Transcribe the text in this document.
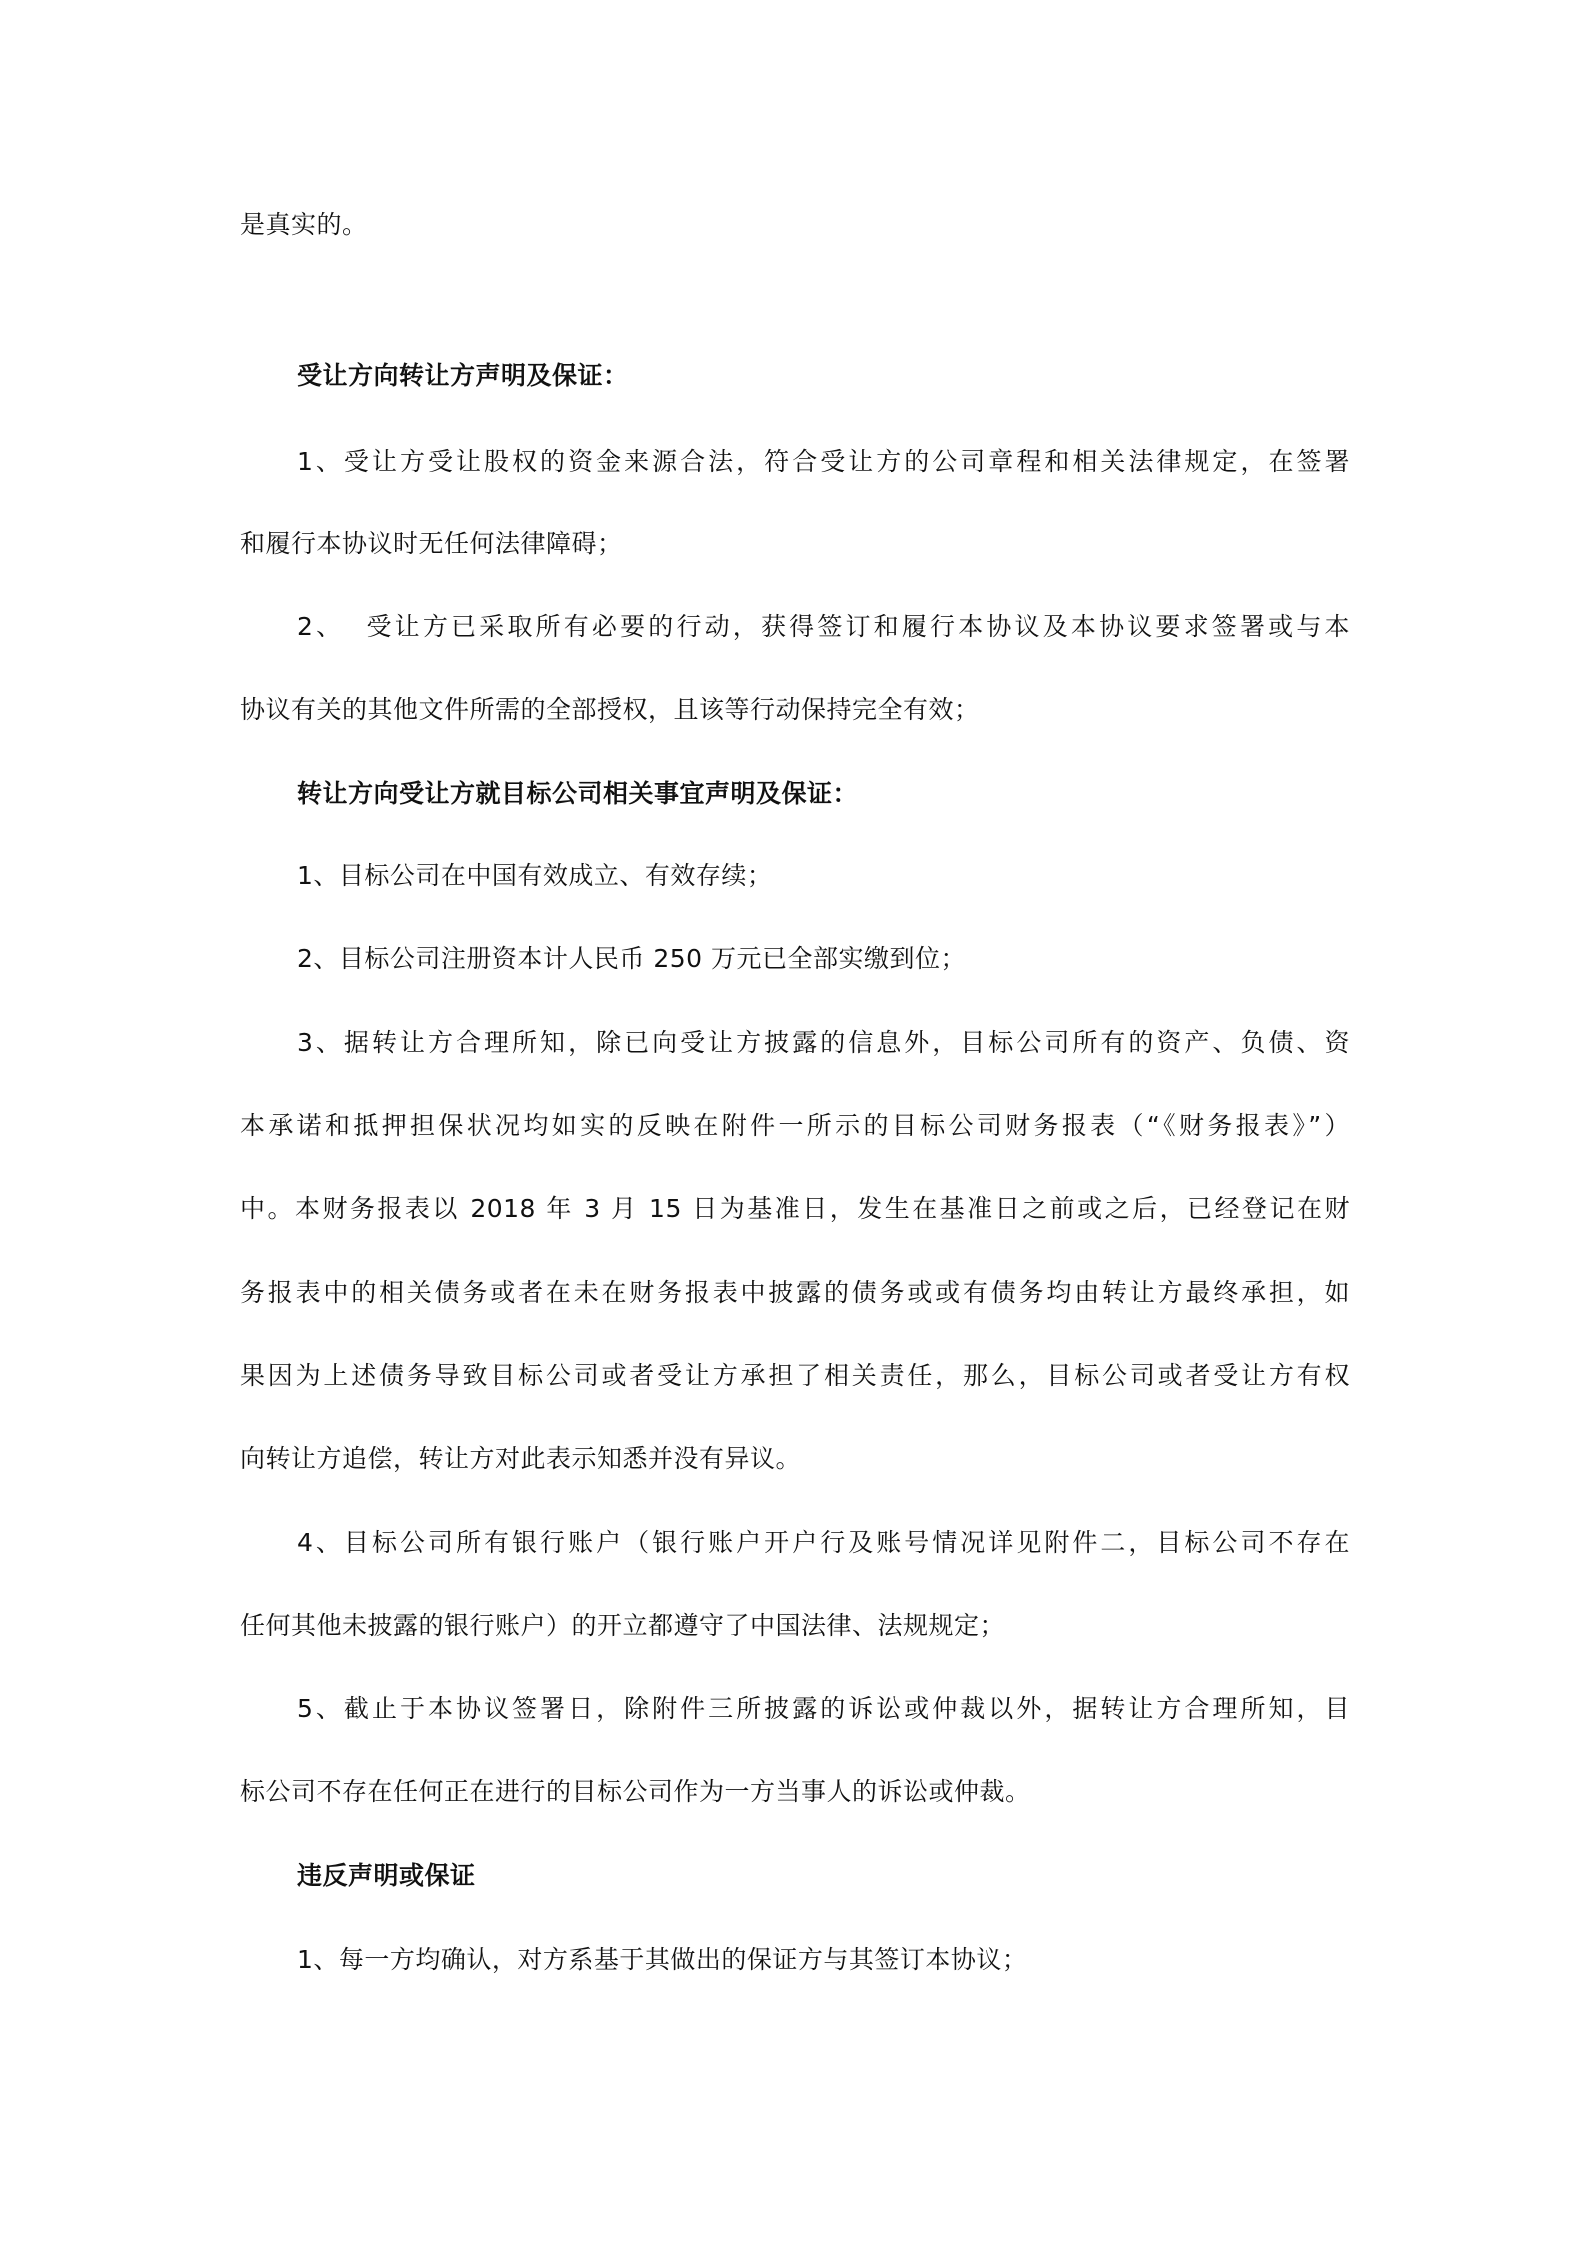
是真实的。
受让方向转让方声明及保证：
1、受让方受让股权的资金来源合法，符合受让方的公司章程和相关法律规定，在签署
和履行本协议时无任何法律障碍；
2、  受让方已采取所有必要的行动，获得签订和履行本协议及本协议要求签署或与本
协议有关的其他文件所需的全部授权，且该等行动保持完全有效；
转让方向受让方就目标公司相关事宜声明及保证：
1、目标公司在中国有效成立、有效存续；
2、目标公司注册资本计人民币 250 万元已全部实缴到位；
3、据转让方合理所知，除已向受让方披露的信息外，目标公司所有的资产、负债、资
本承诺和抵押担保状况均如实的反映在附件一所示的目标公司财务报表（“《财务报表》”）
中。本财务报表以 2018 年 3 月 15 日为基准日，发生在基准日之前或之后，已经登记在财
务报表中的相关债务或者在未在财务报表中披露的债务或或有债务均由转让方最终承担，如
果因为上述债务导致目标公司或者受让方承担了相关责任，那么，目标公司或者受让方有权
向转让方追偿，转让方对此表示知悉并没有异议。
4、目标公司所有银行账户（银行账户开户行及账号情况详见附件二，目标公司不存在
任何其他未披露的银行账户）的开立都遵守了中国法律、法规规定；
5、截止于本协议签署日，除附件三所披露的诉讼或仲裁以外，据转让方合理所知，目
标公司不存在任何正在进行的目标公司作为一方当事人的诉讼或仲裁。
违反声明或保证
1、每一方均确认，对方系基于其做出的保证方与其签订本协议；
